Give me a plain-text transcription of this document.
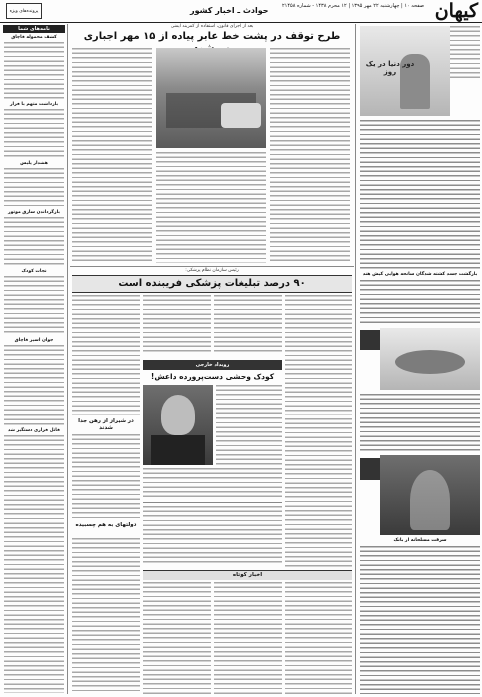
کیهان
صفحه ۱۰ | چهارشنبه ۲۲ مهر ۱۳۹۵ | ۱۲ محرم ۱۴۳۸ - شماره ۲۱۴۵۸
حوادث ـ اخبار کشور
پرونده‌های ویژه
نامه‌های شما
کشف محموله قاچاق
بازداشت متهم با فرار
هشدار پلیس
بازگرداندن سارق موتور
نجات کودک
جوان اسیر قاچاق
قاتل فراری دستگیر شد
بعد از اجرای قانون، استفاده از کمربند ایمنی
طرح توقف در پشت خط عابر پیاده از ۱۵ مهر اجباری
دور دنیا در یک روز
بازگشت جسد کشته شدگان سانحه هوایی کیش هند
سرقت مسلحانه از بانک
رئیس سازمان نظام پزشکی:
۹۰ درصد تبلیغات پزشکی فریبنده است
رویداد خارجی
کودک وحشی دست‌پرورده داعش!
در شیراز از رهن جدا شدند
دولتهای به هم چسبیده
اخبار کوتاه
